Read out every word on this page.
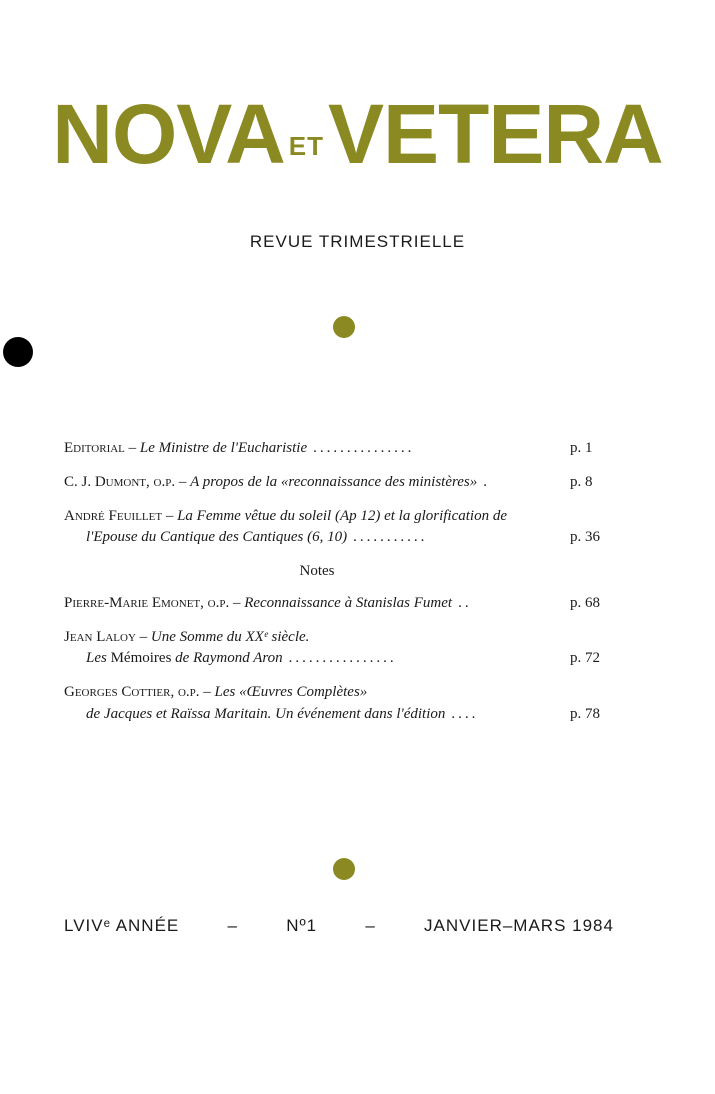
NOVA ETVETERA
REVUE TRIMESTRIELLE
Editorial – Le Ministre de l'Eucharistie ...............	p. 1
C. J. Dumont, o.p. – A propos de la «reconnaissance des ministères» .	p. 8
André Feuillet – La Femme vêtue du soleil (Ap 12) et la glorification de
l'Epouse du Cantique des Cantiques (6, 10) ...........	p. 36
Notes
Pierre-Marie Emonet, o.p. – Reconnaissance à Stanislas Fumet ..	p. 68
Jean Laloy – Une Somme du XXᵉ siècle.
Les Mémoires de Raymond Aron ................	p. 72
Georges Cottier, o.p. – Les «Œuvres Complètes»
de Jacques et Raïssa Maritain. Un événement dans l'édition ....	p. 78
LVIVᵉ ANNÉE	–	Nº1	–	JANVIER–MARS 1984
